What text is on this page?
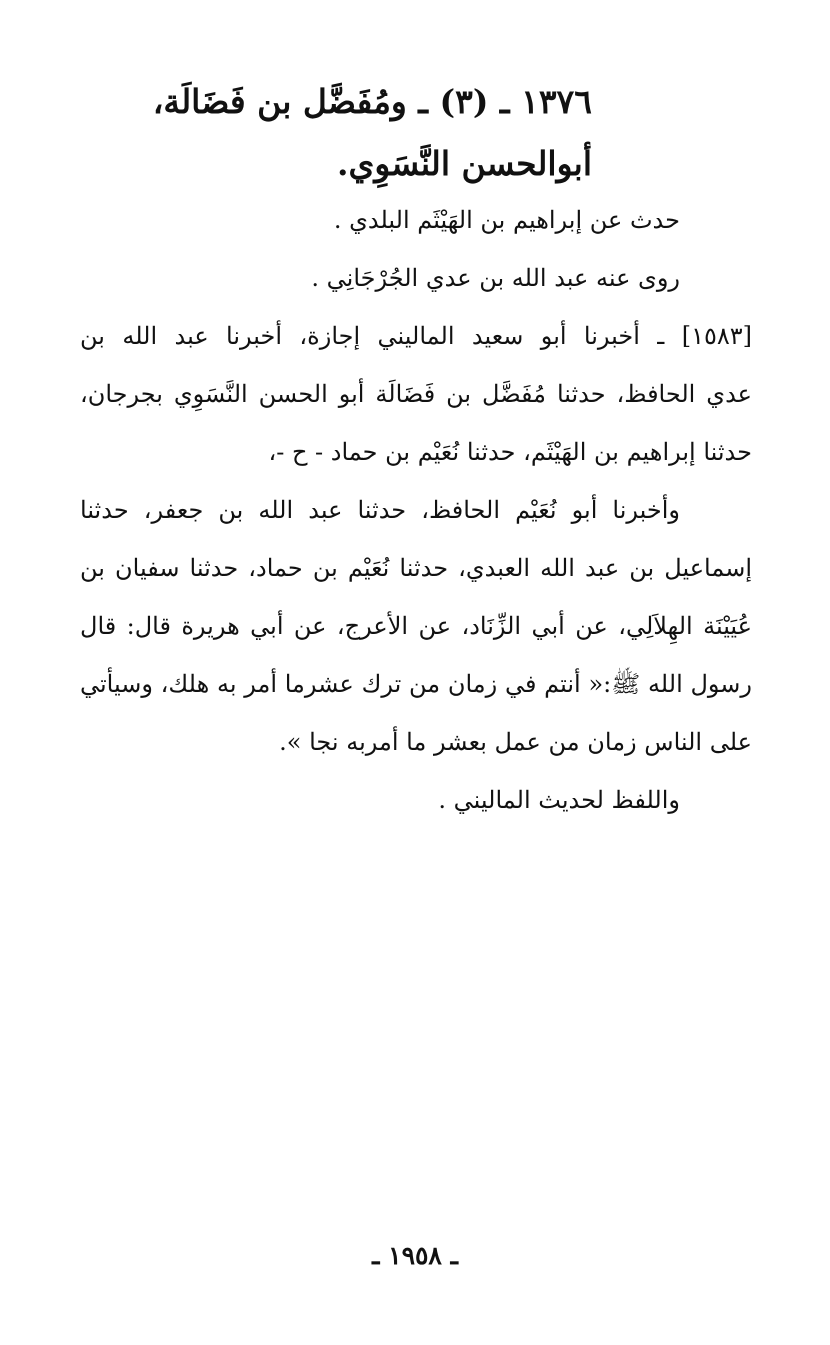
١٣٧٦ ـ (٣) ـ ومُفَضَّل بن فَضَالَة،
أبوالحسن النَّسَوِي.
حدث عن إبراهيم بن الهَيْثَم البلدي .
روى عنه عبد الله بن عدي الجُرْجَانِي .
[١٥٨٣] ـ أخبرنا أبو سعيد الماليني إجازة، أخبرنا عبد الله بن
عدي الحافظ، حدثنا مُفَضَّل بن فَضَالَة أبو الحسن النَّسَوِي بجرجان،
حدثنا إبراهيم بن الهَيْثَم، حدثنا نُعَيْم بن حماد - ح -،
وأخبرنا أبو نُعَيْم الحافظ، حدثنا عبد الله بن جعفر، حدثنا
إسماعيل بن عبد الله العبدي، حدثنا نُعَيْم بن حماد، حدثنا سفيان بن
عُيَيْنَة الهِلاَلِي، عن أبي الزِّنَاد، عن الأعرج، عن أبي هريرة قال: قال
رسول الله ﷺ:« أنتم في زمان من ترك عشرما أمر به هلك، وسيأتي
على الناس زمان من عمل بعشر ما أمربه نجا ».
واللفظ لحديث الماليني .
ـ ١٩٥٨ ـ
